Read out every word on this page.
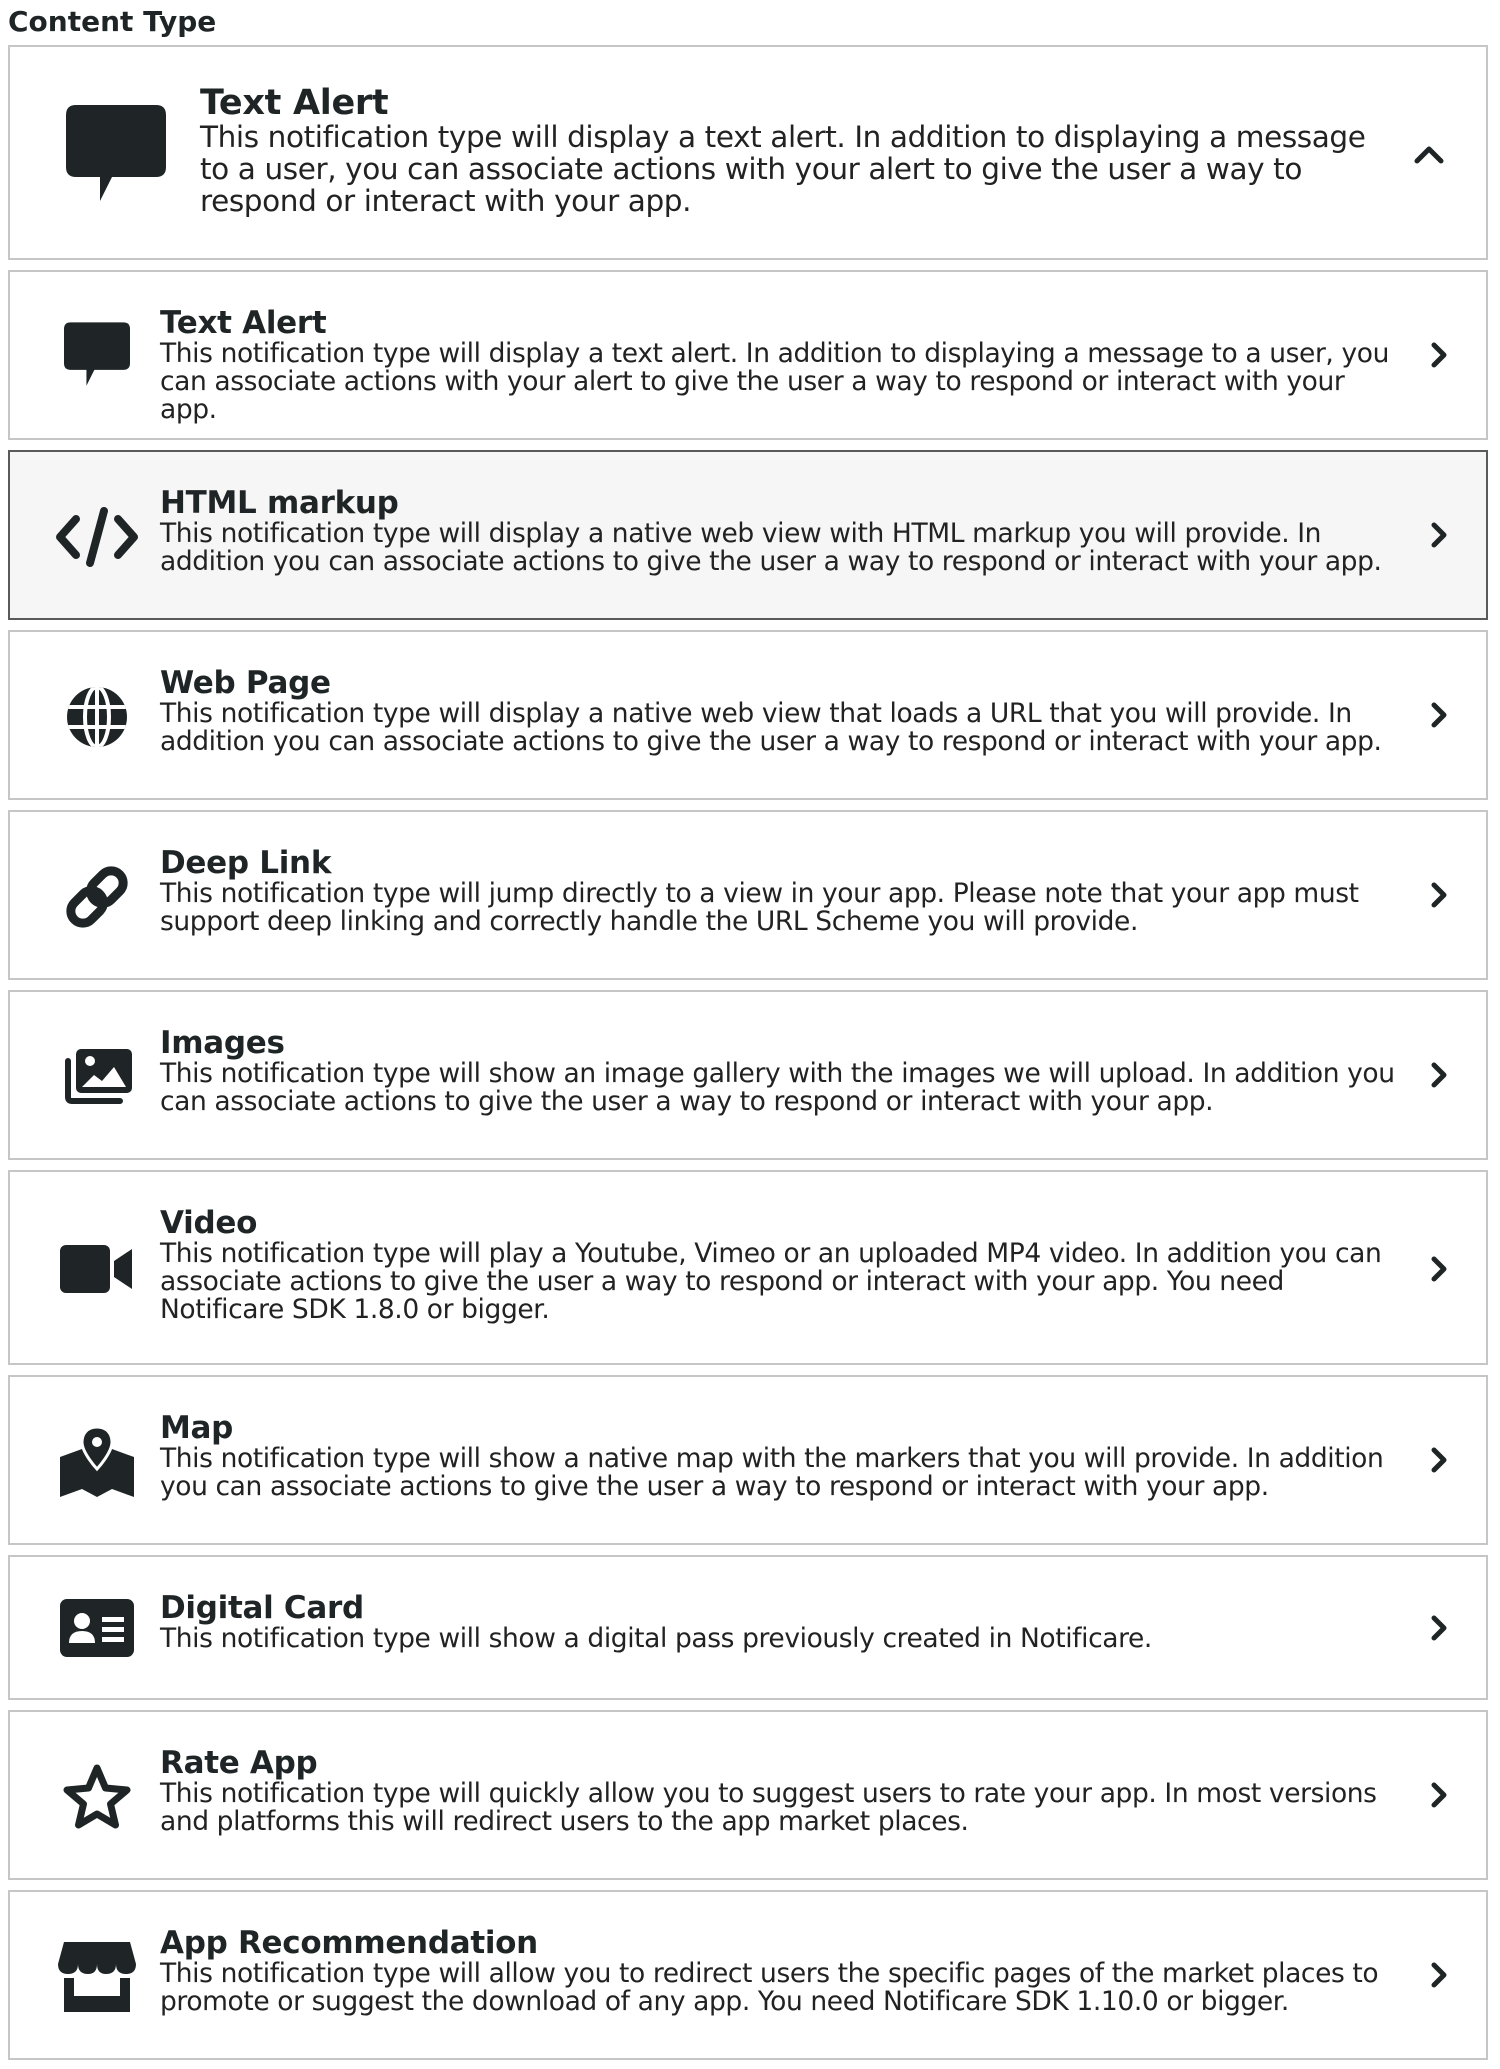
Content Type
Text Alert
This notification type will display a text alert. In addition to displaying a message to a user, you can associate actions with your alert to give the user a way to respond or interact with your app.
Text Alert
This notification type will display a text alert. In addition to displaying a message to a user, you can associate actions with your alert to give the user a way to respond or interact with your app.
HTML markup
This notification type will display a native web view with HTML markup you will provide. In addition you can associate actions to give the user a way to respond or interact with your app.
Web Page
This notification type will display a native web view that loads a URL that you will provide. In addition you can associate actions to give the user a way to respond or interact with your app.
Deep Link
This notification type will jump directly to a view in your app. Please note that your app must support deep linking and correctly handle the URL Scheme you will provide.
Images
This notification type will show an image gallery with the images we will upload. In addition you can associate actions to give the user a way to respond or interact with your app.
Video
This notification type will play a Youtube, Vimeo or an uploaded MP4 video. In addition you can associate actions to give the user a way to respond or interact with your app. You need Notificare SDK 1.8.0 or bigger.
Map
This notification type will show a native map with the markers that you will provide. In addition you can associate actions to give the user a way to respond or interact with your app.
Digital Card
This notification type will show a digital pass previously created in Notificare.
Rate App
This notification type will quickly allow you to suggest users to rate your app. In most versions and platforms this will redirect users to the app market places.
App Recommendation
This notification type will allow you to redirect users the specific pages of the market places to promote or suggest the download of any app. You need Notificare SDK 1.10.0 or bigger.
